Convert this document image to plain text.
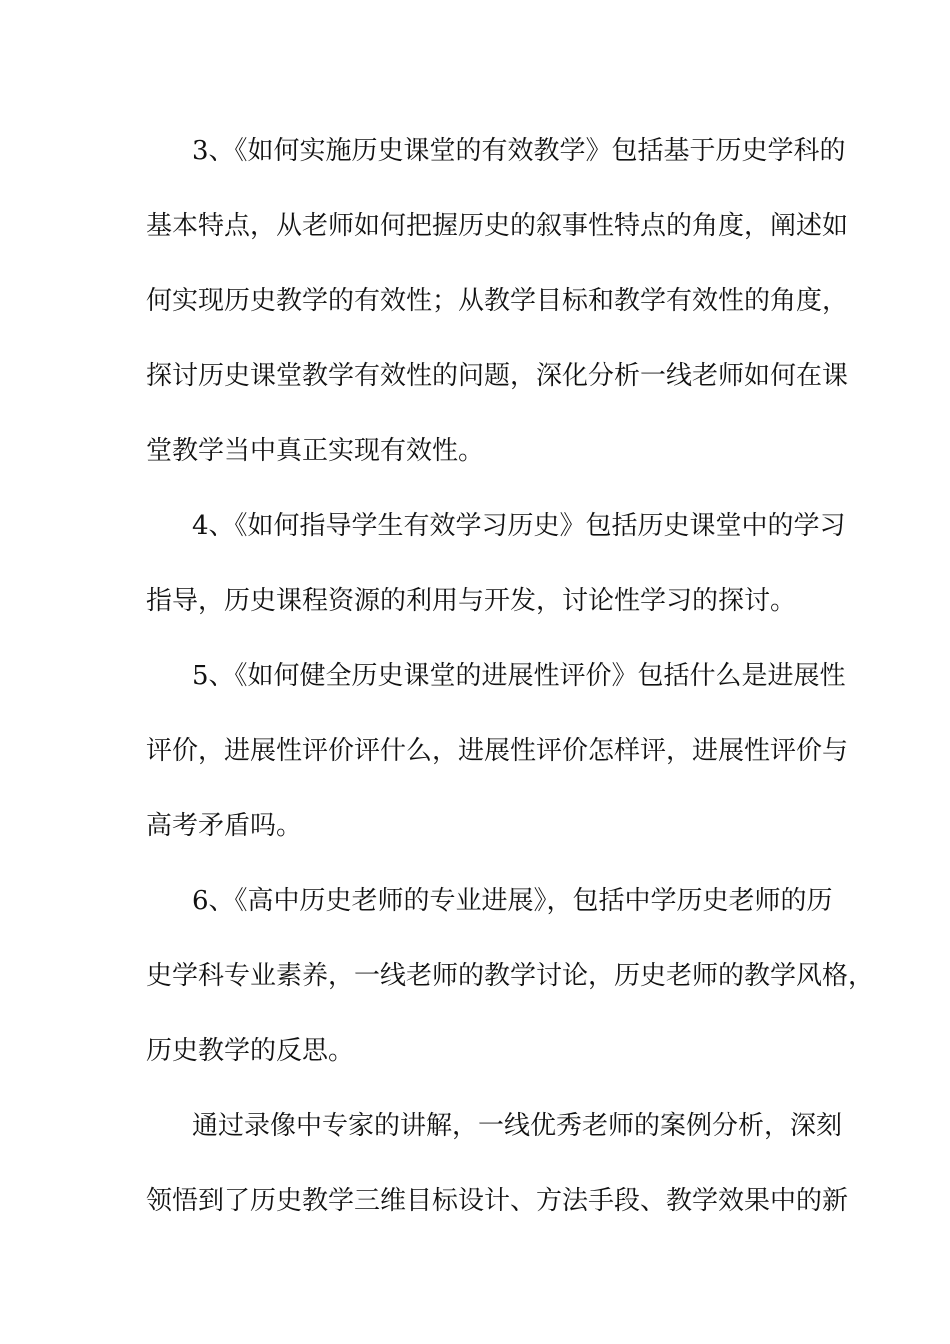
3、《如何实施历史课堂的有效教学》包括基于历史学科的
基本特点，从老师如何把握历史的叙事性特点的角度，阐述如
何实现历史教学的有效性；从教学目标和教学有效性的角度，
探讨历史课堂教学有效性的问题，深化分析一线老师如何在课
堂教学当中真正实现有效性。
4、《如何指导学生有效学习历史》包括历史课堂中的学习
指导，历史课程资源的利用与开发，讨论性学习的探讨。
5、《如何健全历史课堂的进展性评价》包括什么是进展性
评价，进展性评价评什么，进展性评价怎样评，进展性评价与
高考矛盾吗。
6、《高中历史老师的专业进展》，包括中学历史老师的历
史学科专业素养，一线老师的教学讨论，历史老师的教学风格，
历史教学的反思。
通过录像中专家的讲解，一线优秀老师的案例分析，深刻
领悟到了历史教学三维目标设计、方法手段、教学效果中的新
